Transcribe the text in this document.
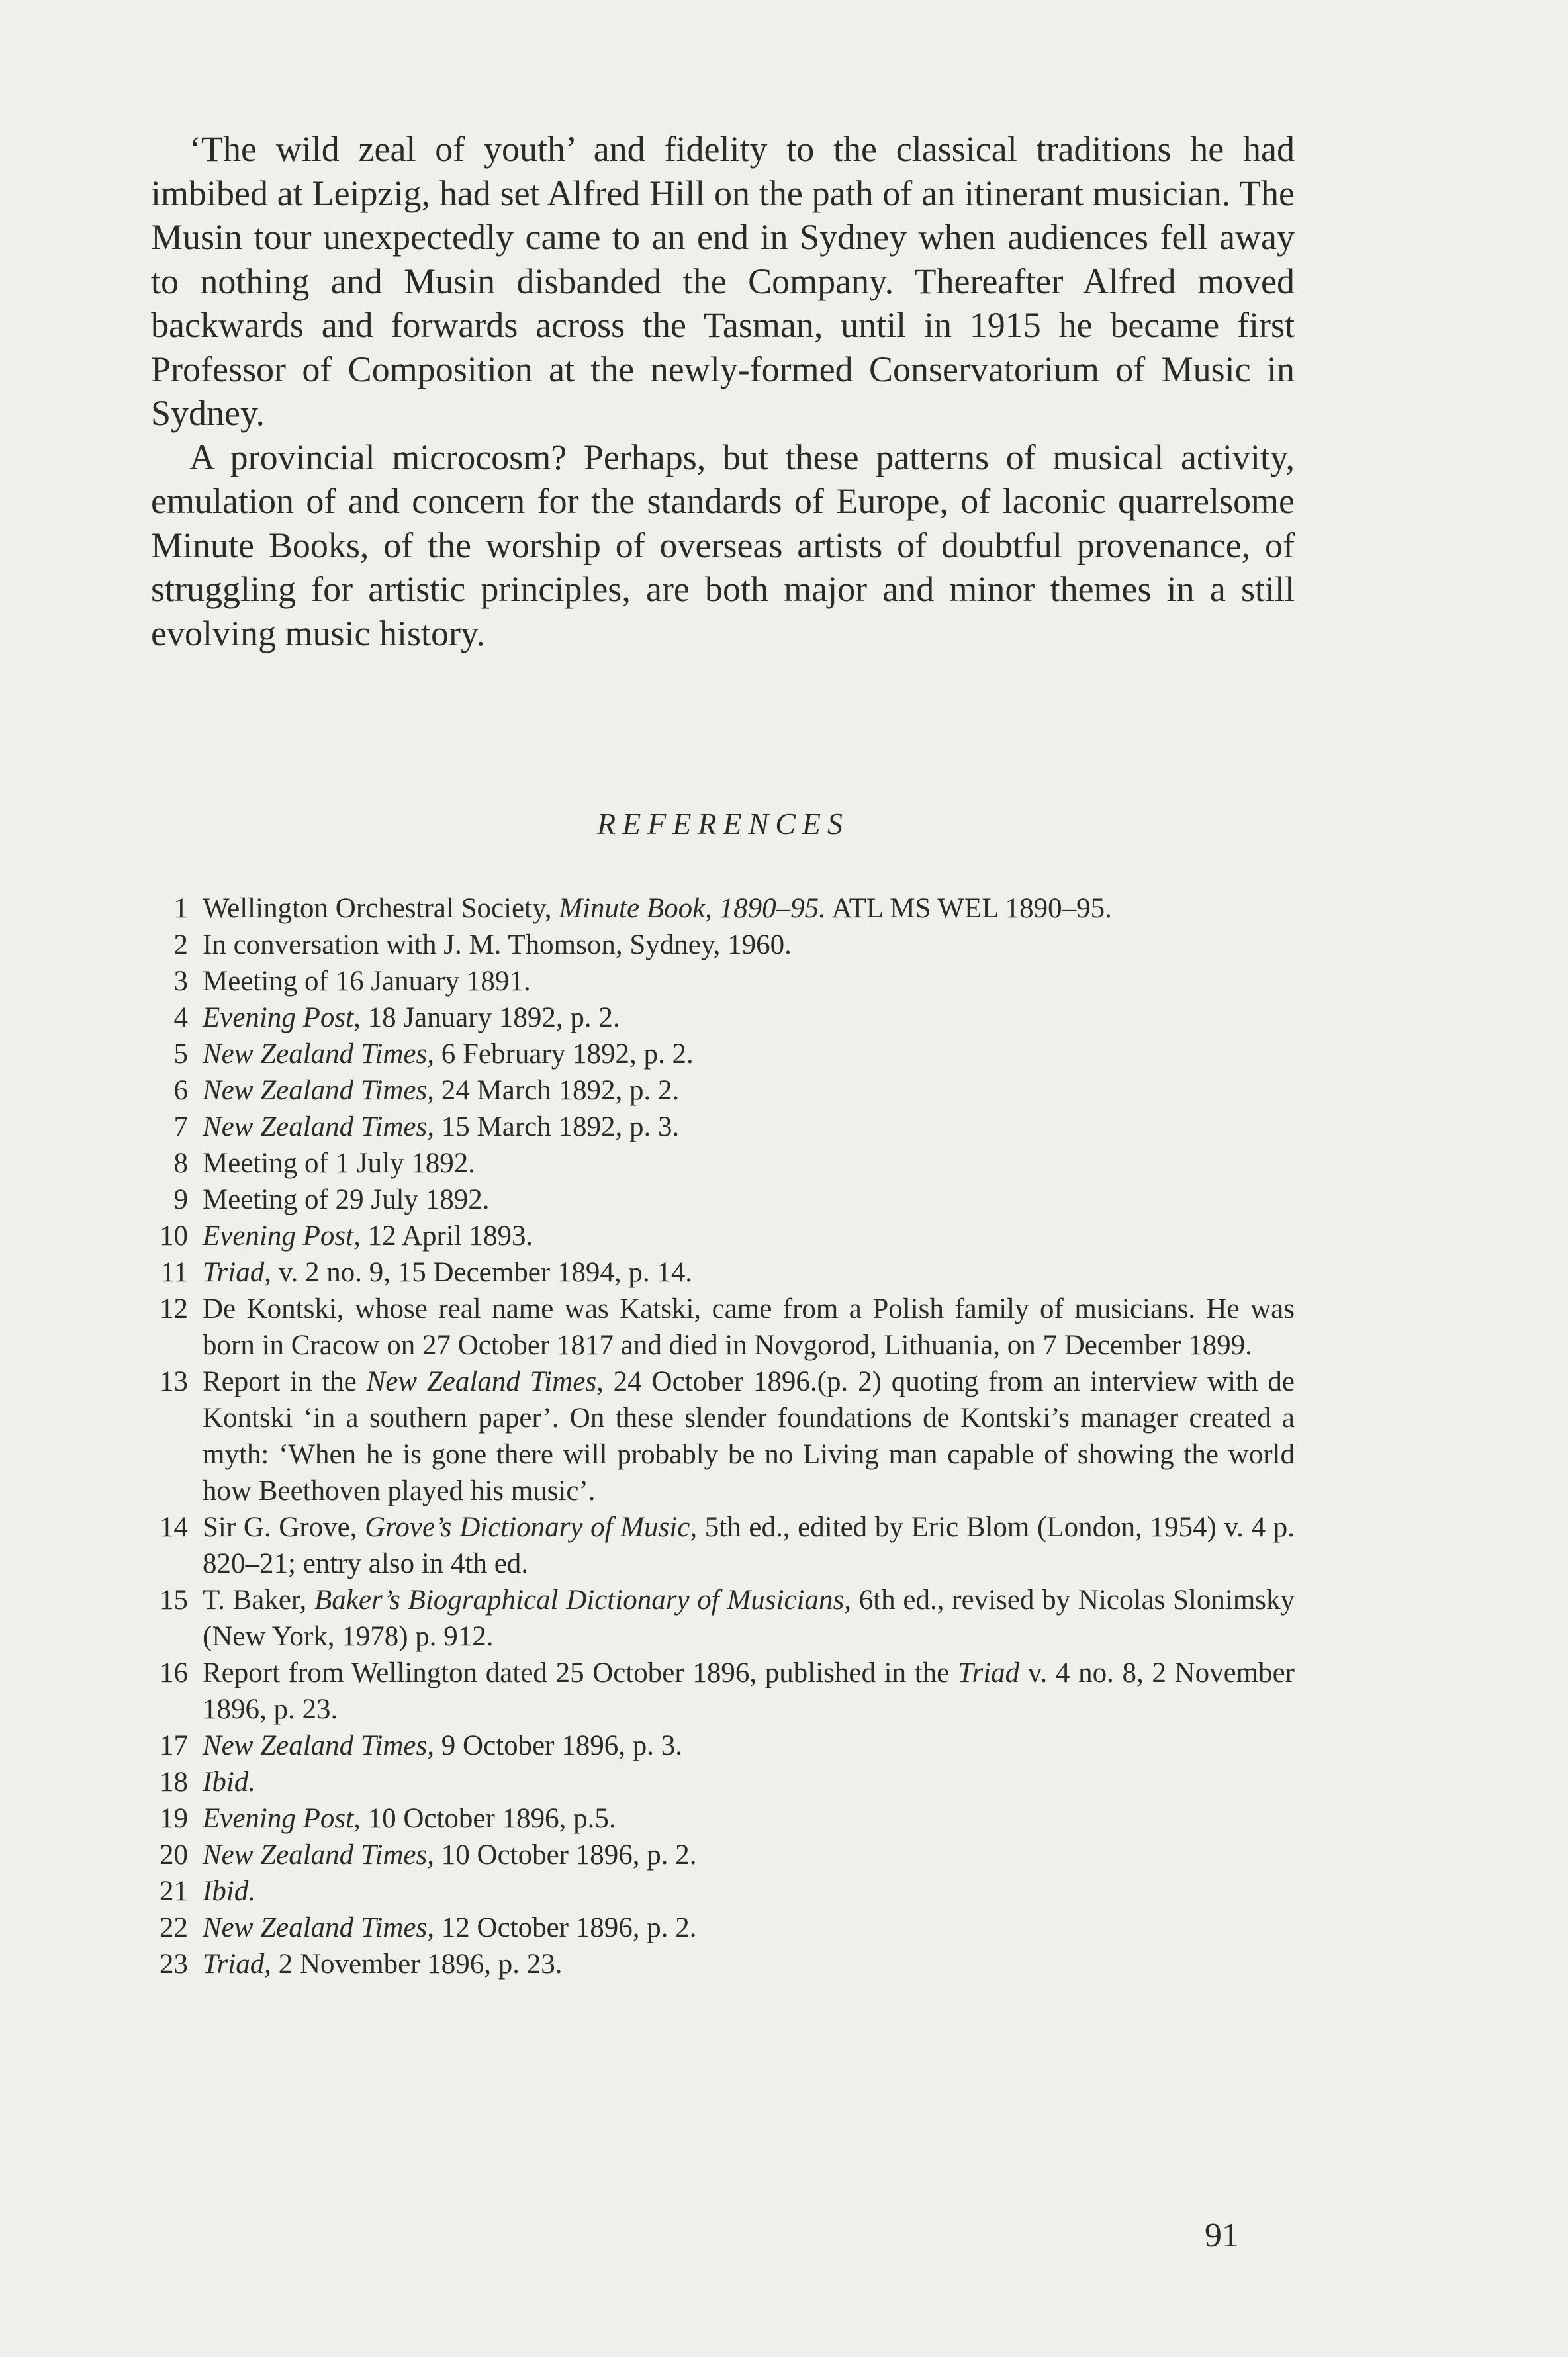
‘The wild zeal of youth’ and fidelity to the classical traditions he had imbibed at Leipzig, had set Alfred Hill on the path of an itinerant musician. The Musin tour unexpectedly came to an end in Sydney when audiences fell away to nothing and Musin disbanded the Company. Thereafter Alfred moved backwards and forwards across the Tasman, until in 1915 he became first Professor of Composition at the newly-formed Conservatorium of Music in Sydney.

A provincial microcosm? Perhaps, but these patterns of musical activity, emulation of and concern for the standards of Europe, of laconic quarrelsome Minute Books, of the worship of overseas artists of doubtful provenance, of struggling for artistic principles, are both major and minor themes in a still evolving music history.

REFERENCES
1 Wellington Orchestral Society, Minute Book, 1890–95. ATL MS WEL 1890–95.
2 In conversation with J. M. Thomson, Sydney, 1960.
3 Meeting of 16 January 1891.
4 Evening Post, 18 January 1892, p. 2.
5 New Zealand Times, 6 February 1892, p. 2.
6 New Zealand Times, 24 March 1892, p. 2.
7 New Zealand Times, 15 March 1892, p. 3.
8 Meeting of 1 July 1892.
9 Meeting of 29 July 1892.
10 Evening Post, 12 April 1893.
11 Triad, v. 2 no. 9, 15 December 1894, p. 14.
12 De Kontski, whose real name was Katski, came from a Polish family of musicians. He was born in Cracow on 27 October 1817 and died in Novgorod, Lithuania, on 7 December 1899.
13 Report in the New Zealand Times, 24 October 1896.(p. 2) quoting from an interview with de Kontski ‘in a southern paper’. On these slender foundations de Kontski’s manager created a myth: ‘When he is gone there will probably be no Living man capable of showing the world how Beethoven played his music’.
14 Sir G. Grove, Grove’s Dictionary of Music, 5th ed., edited by Eric Blom (London, 1954) v. 4 p. 820–21; entry also in 4th ed.
15 T. Baker, Baker’s Biographical Dictionary of Musicians, 6th ed., revised by Nicolas Slonimsky (New York, 1978) p. 912.
16 Report from Wellington dated 25 October 1896, published in the Triad v. 4 no. 8, 2 November 1896, p. 23.
17 New Zealand Times, 9 October 1896, p. 3.
18 Ibid.
19 Evening Post, 10 October 1896, p.5.
20 New Zealand Times, 10 October 1896, p. 2.
21 Ibid.
22 New Zealand Times, 12 October 1896, p. 2.
23 Triad, 2 November 1896, p. 23.
91
